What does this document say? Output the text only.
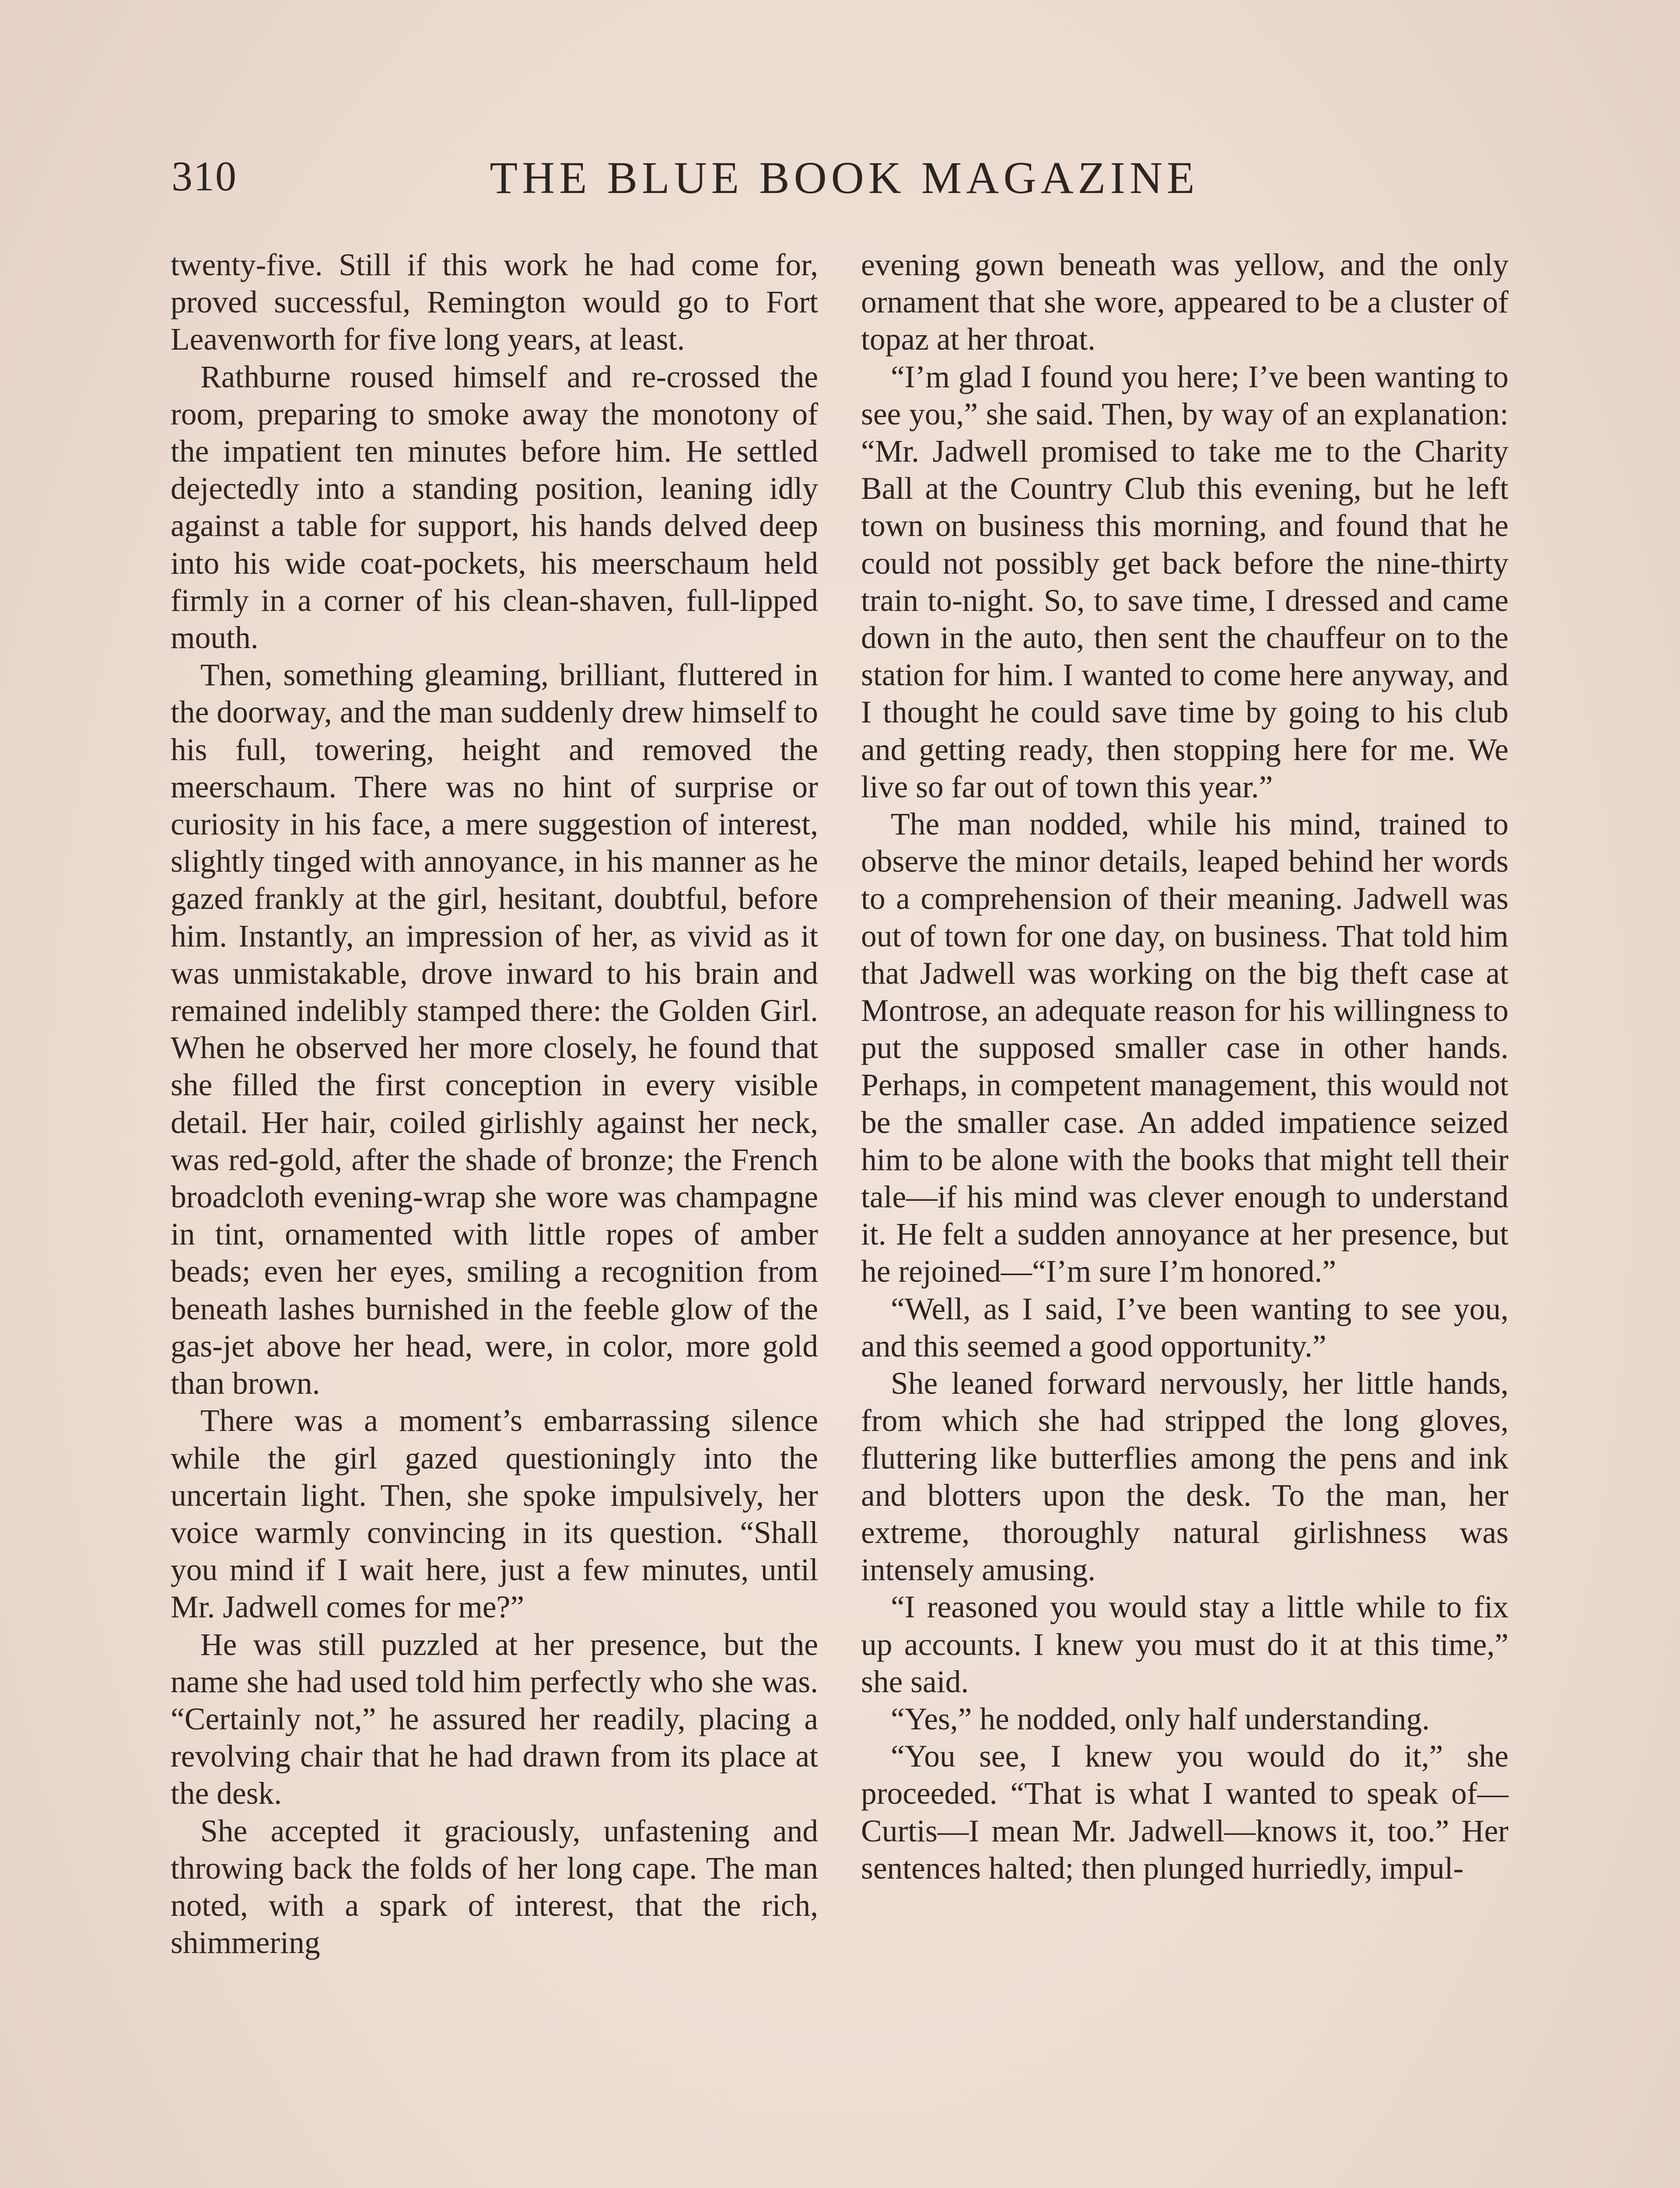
310	THE BLUE BOOK MAGAZINE

twenty-five. Still if this work he had come for, proved successful, Remington would go to Fort Leavenworth for five long years, at least.

Rathburne roused himself and re-crossed the room, preparing to smoke away the monotony of the impatient ten minutes before him. He settled dejectedly into a standing position, leaning idly against a table for support, his hands delved deep into his wide coat-pockets, his meerschaum held firmly in a corner of his clean-shaven, full-lipped mouth.

Then, something gleaming, brilliant, fluttered in the doorway, and the man suddenly drew himself to his full, towering, height and removed the meerschaum. There was no hint of surprise or curiosity in his face, a mere suggestion of interest, slightly tinged with annoyance, in his manner as he gazed frankly at the girl, hesitant, doubtful, before him. Instantly, an impression of her, as vivid as it was unmistakable, drove inward to his brain and remained indelibly stamped there: the Golden Girl. When he observed her more closely, he found that she filled the first conception in every visible detail. Her hair, coiled girlishly against her neck, was red-gold, after the shade of bronze; the French broadcloth evening-wrap she wore was champagne in tint, ornamented with little ropes of amber beads; even her eyes, smiling a recognition from beneath lashes burnished in the feeble glow of the gas-jet above her head, were, in color, more gold than brown.

There was a moment’s embarrassing silence while the girl gazed questioningly into the uncertain light. Then, she spoke impulsively, her voice warmly convincing in its question. “Shall you mind if I wait here, just a few minutes, until Mr. Jadwell comes for me?”

He was still puzzled at her presence, but the name she had used told him perfectly who she was. “Certainly not,” he assured her readily, placing a revolving chair that he had drawn from its place at the desk.

She accepted it graciously, unfastening and throwing back the folds of her long cape. The man noted, with a spark of interest, that the rich, shimmering

evening gown beneath was yellow, and the only ornament that she wore, appeared to be a cluster of topaz at her throat.

“I’m glad I found you here; I’ve been wanting to see you,” she said. Then, by way of an explanation: “Mr. Jadwell promised to take me to the Charity Ball at the Country Club this evening, but he left town on business this morning, and found that he could not possibly get back before the nine-thirty train to-night. So, to save time, I dressed and came down in the auto, then sent the chauffeur on to the station for him. I wanted to come here anyway, and I thought he could save time by going to his club and getting ready, then stopping here for me. We live so far out of town this year.”

The man nodded, while his mind, trained to observe the minor details, leaped behind her words to a comprehension of their meaning. Jadwell was out of town for one day, on business. That told him that Jadwell was working on the big theft case at Montrose, an adequate reason for his willingness to put the supposed smaller case in other hands. Perhaps, in competent management, this would not be the smaller case. An added impatience seized him to be alone with the books that might tell their tale—if his mind was clever enough to understand it. He felt a sudden annoyance at her presence, but he rejoined—“I’m sure I’m honored.”

“Well, as I said, I’ve been wanting to see you, and this seemed a good opportunity.”

She leaned forward nervously, her little hands, from which she had stripped the long gloves, fluttering like butterflies among the pens and ink and blotters upon the desk. To the man, her extreme, thoroughly natural girlishness was intensely amusing.

“I reasoned you would stay a little while to fix up accounts. I knew you must do it at this time,” she said.

“Yes,” he nodded, only half understanding.

“You see, I knew you would do it,” she proceeded. “That is what I wanted to speak of—Curtis—I mean Mr. Jadwell—knows it, too.” Her sentences halted; then plunged hurriedly, impul-
